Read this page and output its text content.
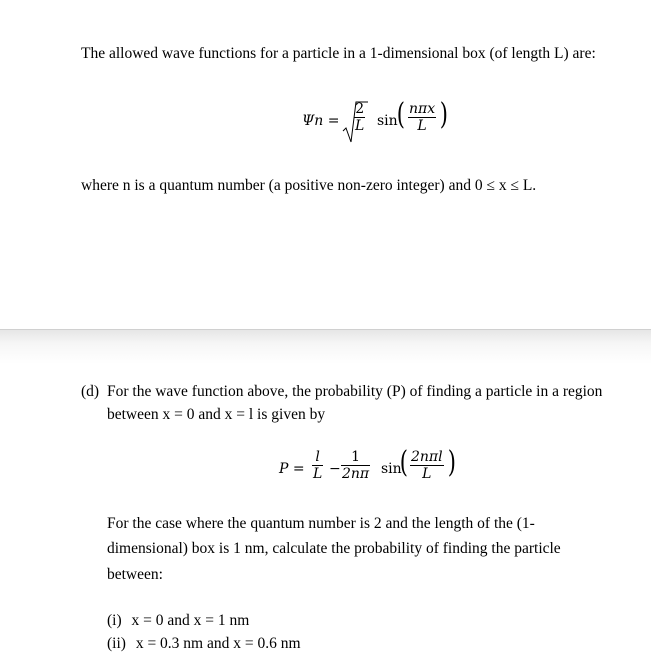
The allowed wave functions for a particle in a 1-dimensional box (of length L) are:
Ψn =
2
L sin ( nπx
L )
where n is a quantum number (a positive non-zero integer) and 0 ≤ x ≤ L.
(d) For the wave function above, the probability (P) of finding a particle in a region
between x = 0 and x = l is given by
P =
l
L −
1
2nπ sin
( 2nπl
L )
For the case where the quantum number is 2 and the length of the (1-
dimensional) box is 1 nm, calculate the probability of finding the particle
between:
(i) x = 0 and x = 1 nm
(ii) x = 0.3 nm and x = 0.6 nm
